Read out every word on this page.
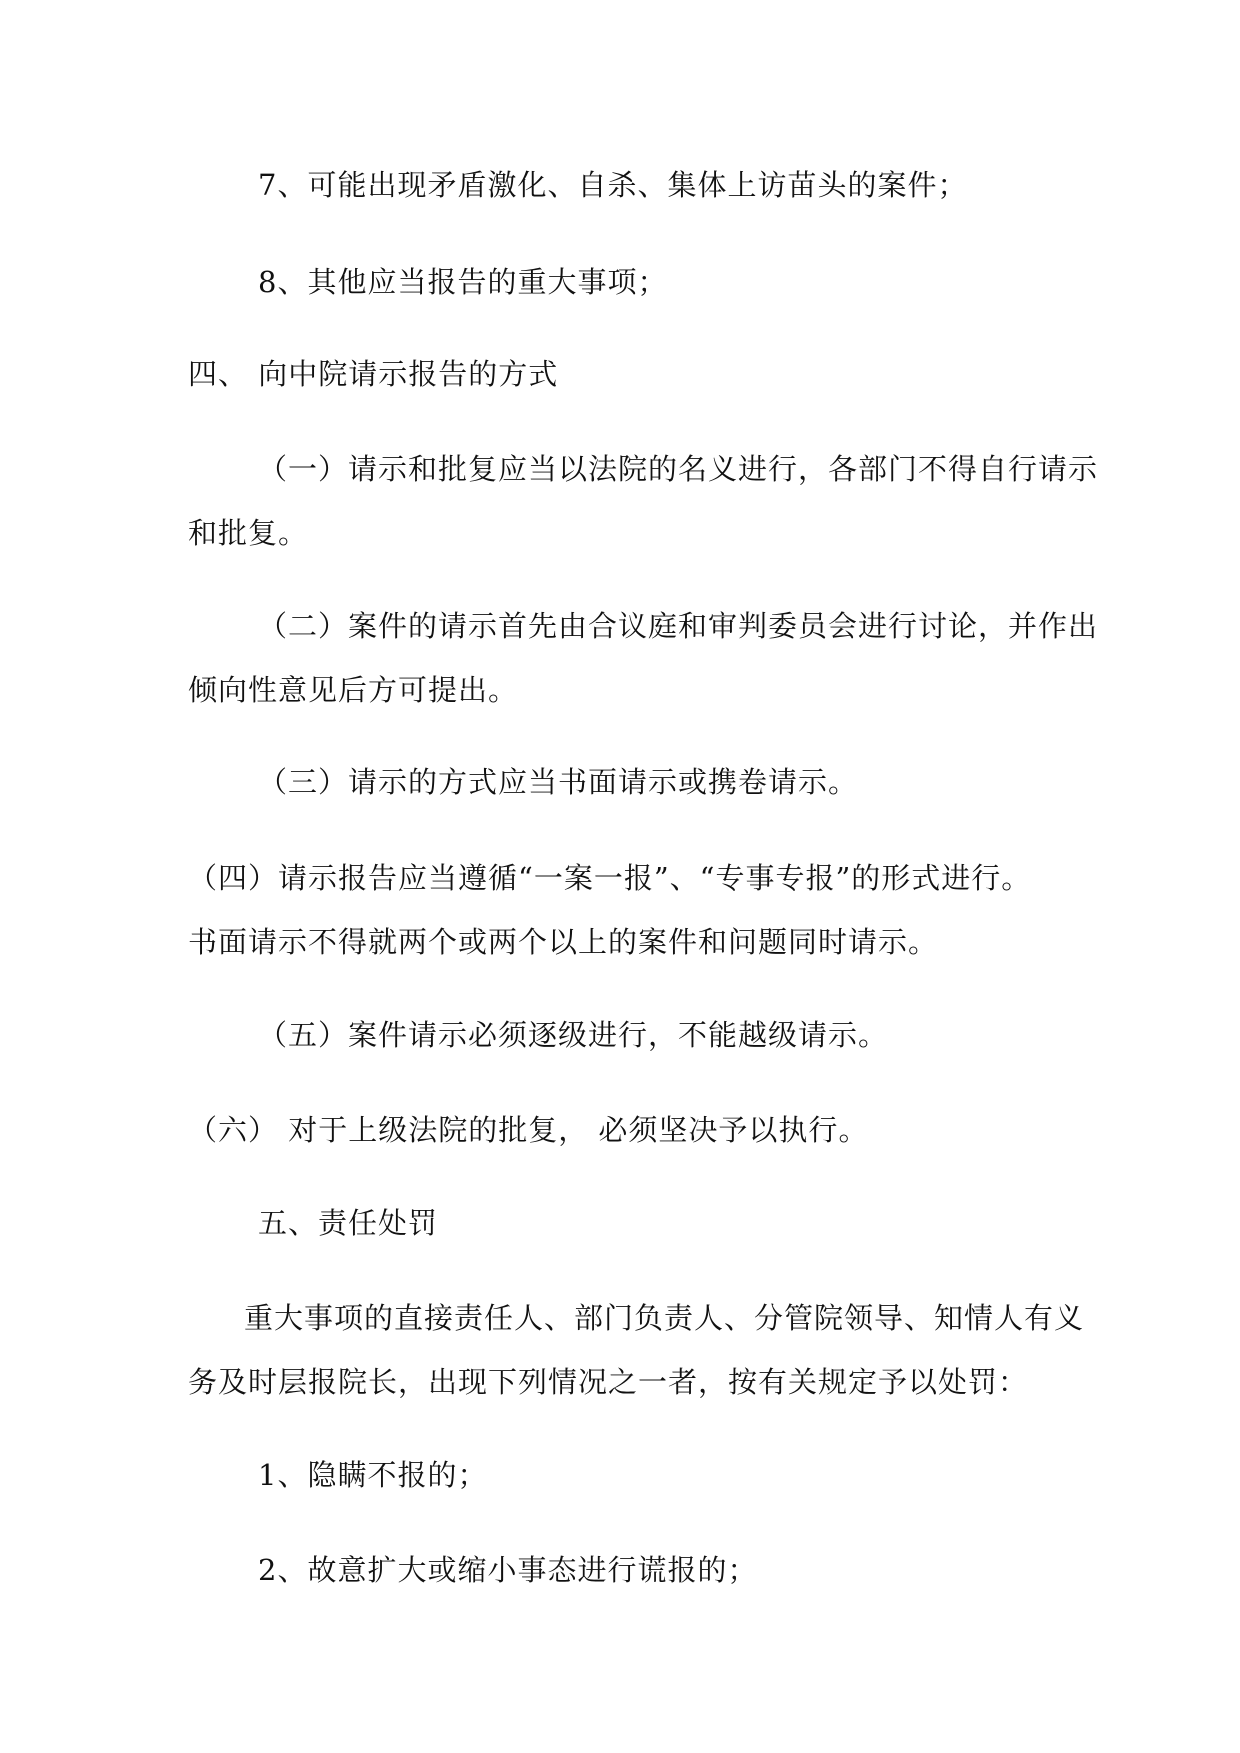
7、可能出现矛盾激化、自杀、集体上访苗头的案件；
8、其他应当报告的重大事项；
四、 向中院请示报告的方式
（一）请示和批复应当以法院的名义进行，各部门不得自行请示
和批复。
（二）案件的请示首先由合议庭和审判委员会进行讨论，并作出
倾向性意见后方可提出。
（三）请示的方式应当书面请示或携卷请示。
（四）请示报告应当遵循“一案一报”、“专事专报”的形式进行。
书面请示不得就两个或两个以上的案件和问题同时请示。
（五）案件请示必须逐级进行，不能越级请示。
（六） 对于上级法院的批复， 必须坚决予以执行。
五、责任处罚
重大事项的直接责任人、部门负责人、分管院领导、知情人有义
务及时层报院长，出现下列情况之一者，按有关规定予以处罚：
1、隐瞒不报的；
2、故意扩大或缩小事态进行谎报的；
